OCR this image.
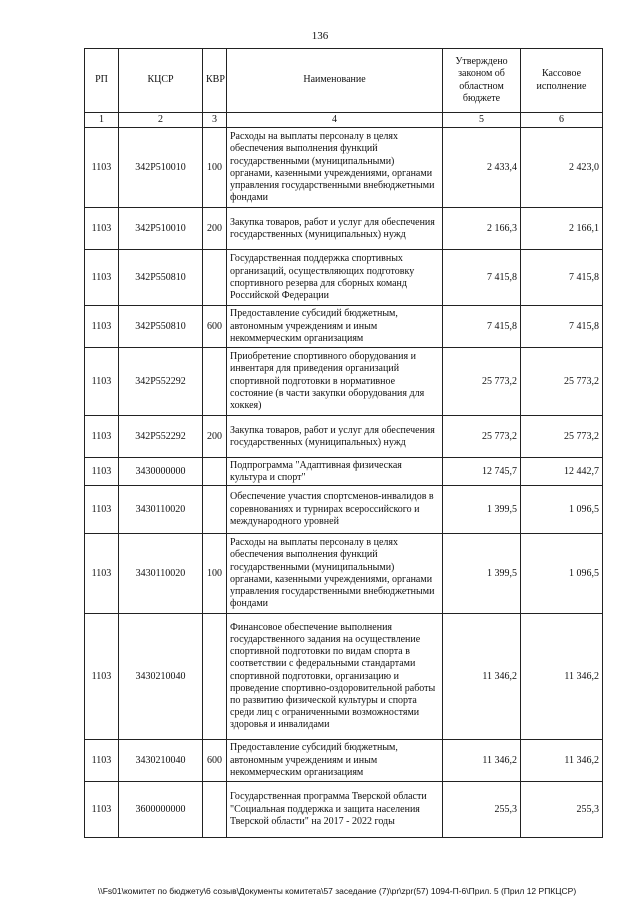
136
РП	КЦСР	КВР	Наименование	Утверждено законом об областном бюджете	Кассовое исполнение
1	2	3	4	5	6
1103	342P510010	100	Расходы на выплаты персоналу в целях обеспечения выполнения функций государственными (муниципальными) органами, казенными учреждениями, органами управления государственными внебюджетными фондами	2 433,4	2 423,0
1103	342P510010	200	Закупка товаров, работ и услуг для обеспечения государственных (муниципальных) нужд	2 166,3	2 166,1
1103	342P550810		Государственная поддержка спортивных организаций, осуществляющих подготовку спортивного резерва для сборных команд Российской Федерации	7 415,8	7 415,8
1103	342P550810	600	Предоставление субсидий бюджетным, автономным учреждениям и иным некоммерческим организациям	7 415,8	7 415,8
1103	342P552292		Приобретение спортивного оборудования и инвентаря для приведения организаций спортивной подготовки в нормативное состояние (в части закупки оборудования для хоккея)	25 773,2	25 773,2
1103	342P552292	200	Закупка товаров, работ и услуг для обеспечения государственных (муниципальных) нужд	25 773,2	25 773,2
1103	3430000000		Подпрограмма "Адаптивная физическая культура и спорт"	12 745,7	12 442,7
1103	3430110020		Обеспечение участия спортсменов-инвалидов в соревнованиях и турнирах всероссийского и международного уровней	1 399,5	1 096,5
1103	3430110020	100	Расходы на выплаты персоналу в целях обеспечения выполнения функций государственными (муниципальными) органами, казенными учреждениями, органами управления государственными внебюджетными фондами	1 399,5	1 096,5
1103	3430210040		Финансовое обеспечение выполнения государственного задания на осуществление спортивной подготовки по видам спорта в соответствии с федеральными стандартами спортивной подготовки, организацию и проведение спортивно-оздоровительной работы по развитию физической культуры и спорта среди лиц с ограниченными возможностями здоровья и инвалидами	11 346,2	11 346,2
1103	3430210040	600	Предоставление субсидий бюджетным, автономным учреждениям и иным некоммерческим организациям	11 346,2	11 346,2
1103	3600000000		Государственная программа Тверской области "Социальная поддержка и защита населения Тверской области" на 2017 - 2022 годы	255,3	255,3
\\Fs01\комитет по бюджету\6 созыв\Документы комитета\57 заседание (7)\pr\zpr(57) 1094-П-6\Прил. 5 (Прил 12 РПКЦСР)
